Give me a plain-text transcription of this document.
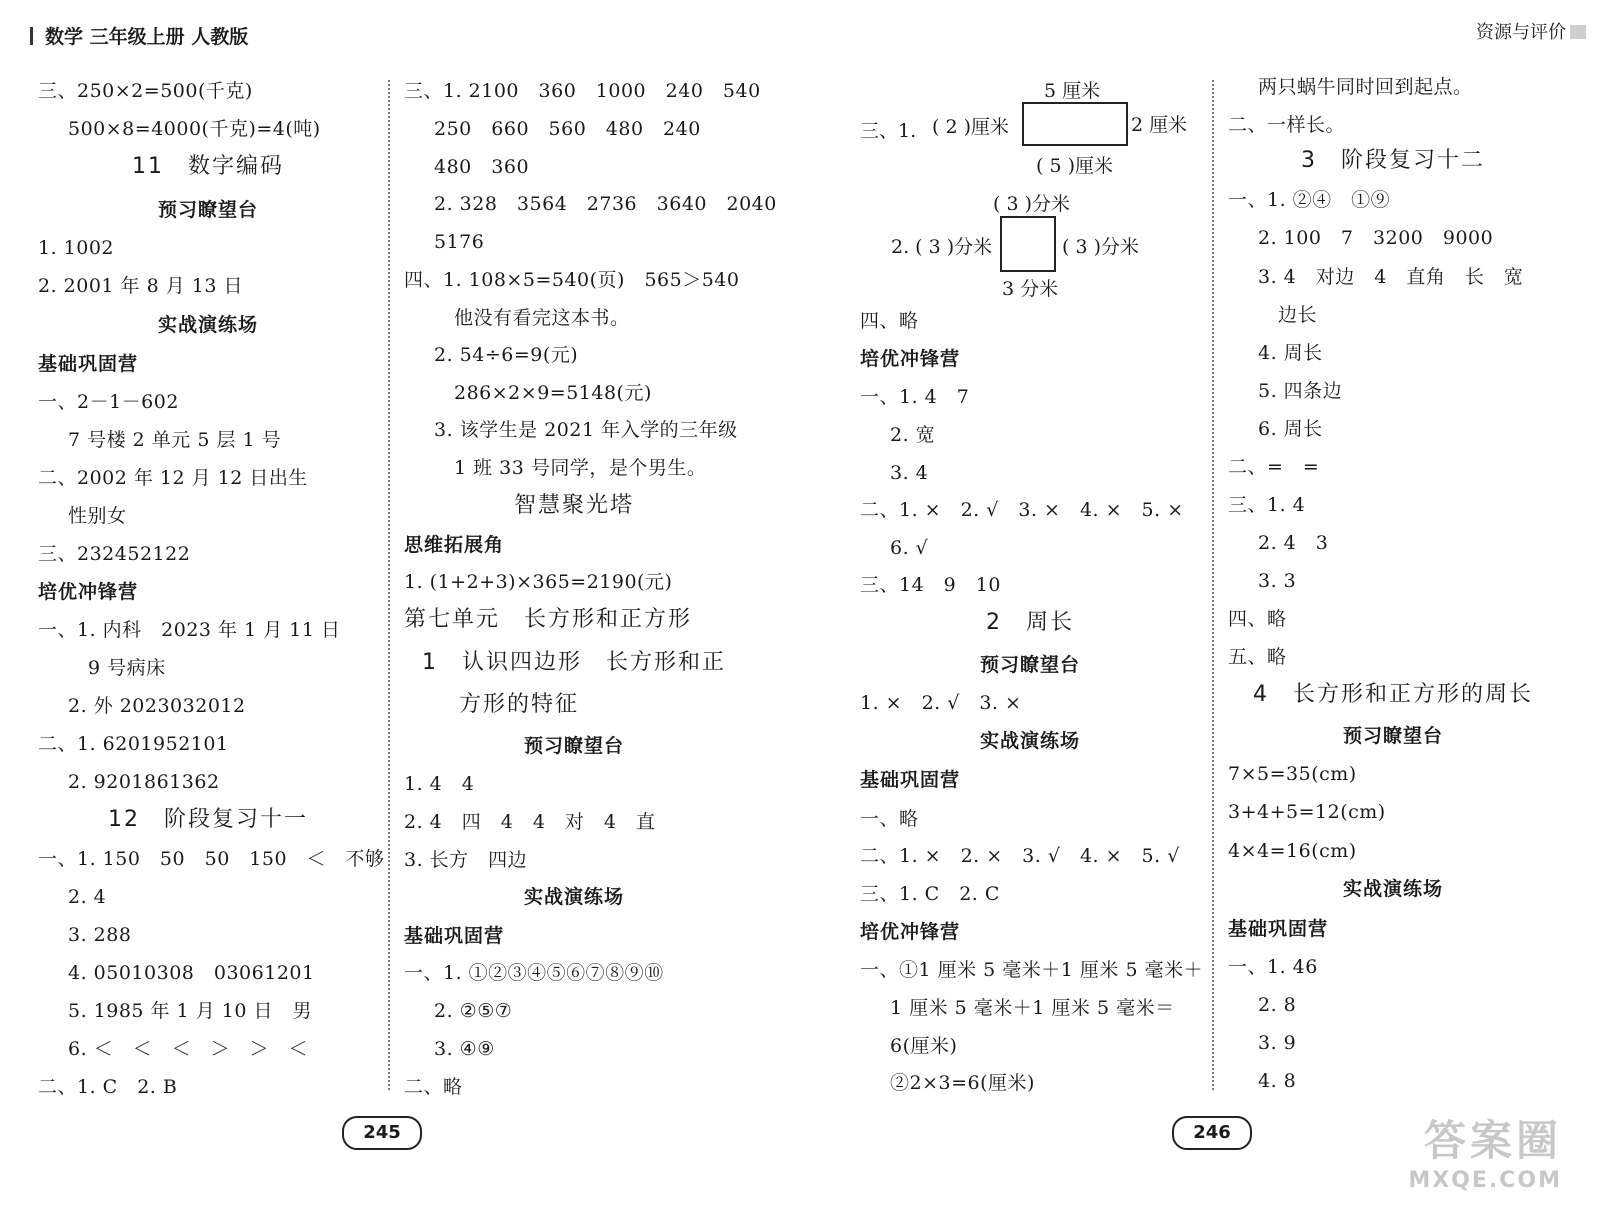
数学 三年级上册 人教版	资源与评价
三、250×2=500(千克)
500×8=4000(千克)=4(吨)
11　数字编码
预习瞭望台
1. 1002
2. 2001 年 8 月 13 日
实战演练场
基础巩固营
一、2－1－602
7 号楼 2 单元 5 层 1 号
二、2002 年 12 月 12 日出生
性别女
三、232452122
培优冲锋营
一、1. 内科　2023 年 1 月 11 日
9 号病床
2. 外 2023032012
二、1. 6201952101
2. 9201861362
12　阶段复习十一
一、1. 150　50　50　150　＜　不够
2. 4
3. 288
4. 05010308　03061201
5. 1985 年 1 月 10 日　男
6. ＜　＜　＜　＞　＞　＜
二、1. C　2. B
三、1. 2100　360　1000　240　540
250　660　560　480　240
480　360
2. 328　3564　2736　3640　2040
5176
四、1. 108×5=540(页)　565＞540
他没有看完这本书。
2. 54÷6=9(元)
286×2×9=5148(元)
3. 该学生是 2021 年入学的三年级
1 班 33 号同学，是个男生。
智慧聚光塔
思维拓展角
1. (1+2+3)×365=2190(元)
第七单元　长方形和正方形
1　认识四边形　长方形和正
方形的特征
预习瞭望台
1. 4　4
2. 4　四　4　4　对　4　直
3. 长方　四边
实战演练场
基础巩固营
一、1. ①②③④⑤⑥⑦⑧⑨⑩
2. ②⑤⑦
3. ④⑨
二、略
5 厘米
三、1. ( 2 )厘米	2 厘米
( 5 )厘米
( 3 )分米
2. ( 3 )分米	( 3 )分米
3 分米
四、略
培优冲锋营
一、1. 4　7
2. 宽
3. 4
二、1. ×　2. √　3. ×　4. ×　5. ×
6. √
三、14　9　10
2　周长
预习瞭望台
1. ×　2. √　3. ×
实战演练场
基础巩固营
一、略
二、1. ×　2. ×　3. √　4. ×　5. √
三、1. C　2. C
培优冲锋营
一、①1 厘米 5 毫米＋1 厘米 5 毫米＋
1 厘米 5 毫米＋1 厘米 5 毫米＝
6(厘米)
②2×3=6(厘米)
两只蜗牛同时回到起点。
二、一样长。
3　阶段复习十二
一、1. ②④　①⑨
2. 100　7　3200　9000
3. 4　对边　4　直角　长　宽
边长
4. 周长
5. 四条边
6. 周长
二、=　=
三、1. 4
2. 4　3
3. 3
四、略
五、略
4　长方形和正方形的周长
预习瞭望台
7×5=35(cm)
3+4+5=12(cm)
4×4=16(cm)
实战演练场
基础巩固营
一、1. 46
2. 8
3. 9
4. 8
245	246	答案圈
MXQE.COM
